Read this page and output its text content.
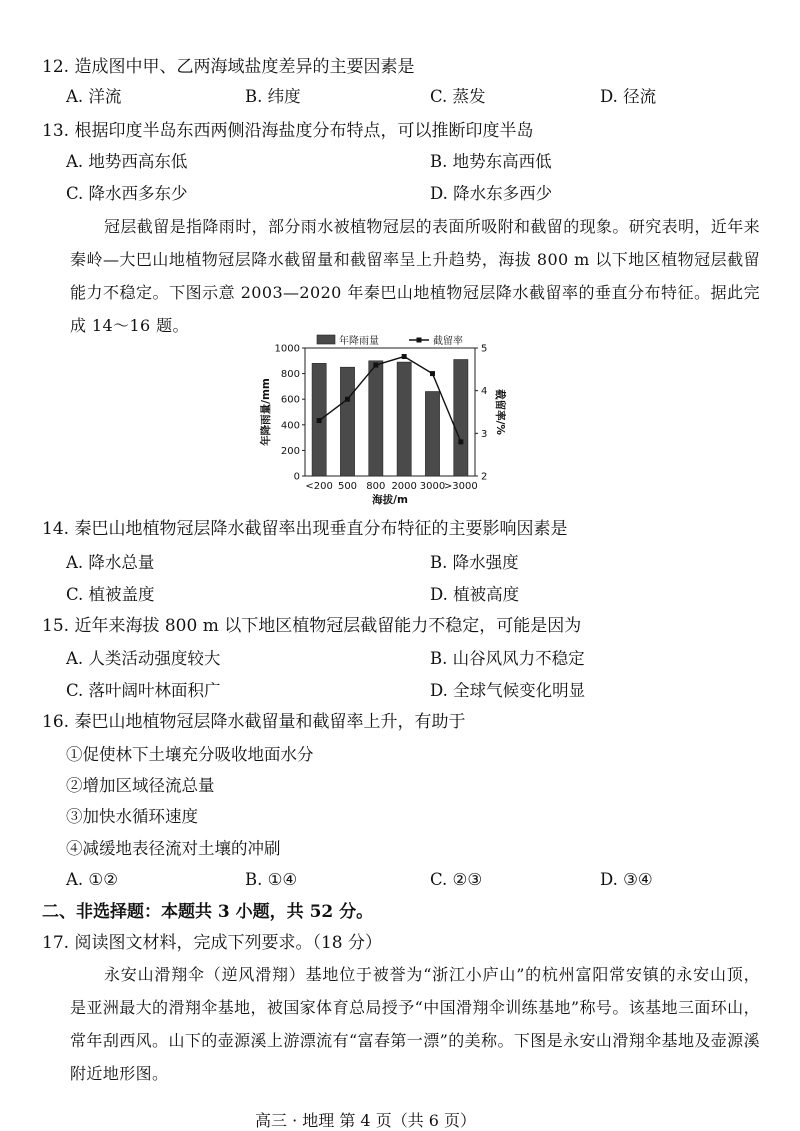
12. 造成图中甲、乙两海域盐度差异的主要因素是
A. 洋流	B. 纬度	C. 蒸发	D. 径流
13. 根据印度半岛东西两侧沿海盐度分布特点，可以推断印度半岛
A. 地势西高东低	B. 地势东高西低
C. 降水西多东少	D. 降水东多西少

冠层截留是指降雨时，部分雨水被植物冠层的表面所吸附和截留的现象。研究表明，近年来秦岭—大巴山地植物冠层降水截留量和截留率呈上升趋势，海拔 800 m 以下地区植物冠层截留能力不稳定。下图示意 2003—2020 年秦巴山地植物冠层降水截留率的垂直分布特征。据此完成 14～16 题。

0
200
400
600
800
1000
2
3
4
5
<200 500 800 2000 3000
>3000
海拔/m
年降雨量/mm	截留率/%
年降雨量	截留率
14. 秦巴山地植物冠层降水截留率出现垂直分布特征的主要影响因素是
A. 降水总量	B. 降水强度
C. 植被盖度	D. 植被高度
15. 近年来海拔 800 m 以下地区植物冠层截留能力不稳定，可能是因为
A. 人类活动强度较大	B. 山谷风风力不稳定
C. 落叶阔叶林面积广	D. 全球气候变化明显
16. 秦巴山地植物冠层降水截留量和截留率上升，有助于
①促使林下土壤充分吸收地面水分
②增加区域径流总量
③加快水循环速度
④减缓地表径流对土壤的冲刷
A. ①②	B. ①④	C. ②③	D. ③④
二、非选择题：本题共 3 小题，共 52 分。
17. 阅读图文材料，完成下列要求。（18 分）

永安山滑翔伞（逆风滑翔）基地位于被誉为“浙江小庐山”的杭州富阳常安镇的永安山顶，是亚洲最大的滑翔伞基地，被国家体育总局授予“中国滑翔伞训练基地”称号。该基地三面环山，常年刮西风。山下的壶源溪上游漂流有“富春第一漂”的美称。下图是永安山滑翔伞基地及壶源溪附近地形图。

高三 · 地理 第 4 页（共 6 页）
